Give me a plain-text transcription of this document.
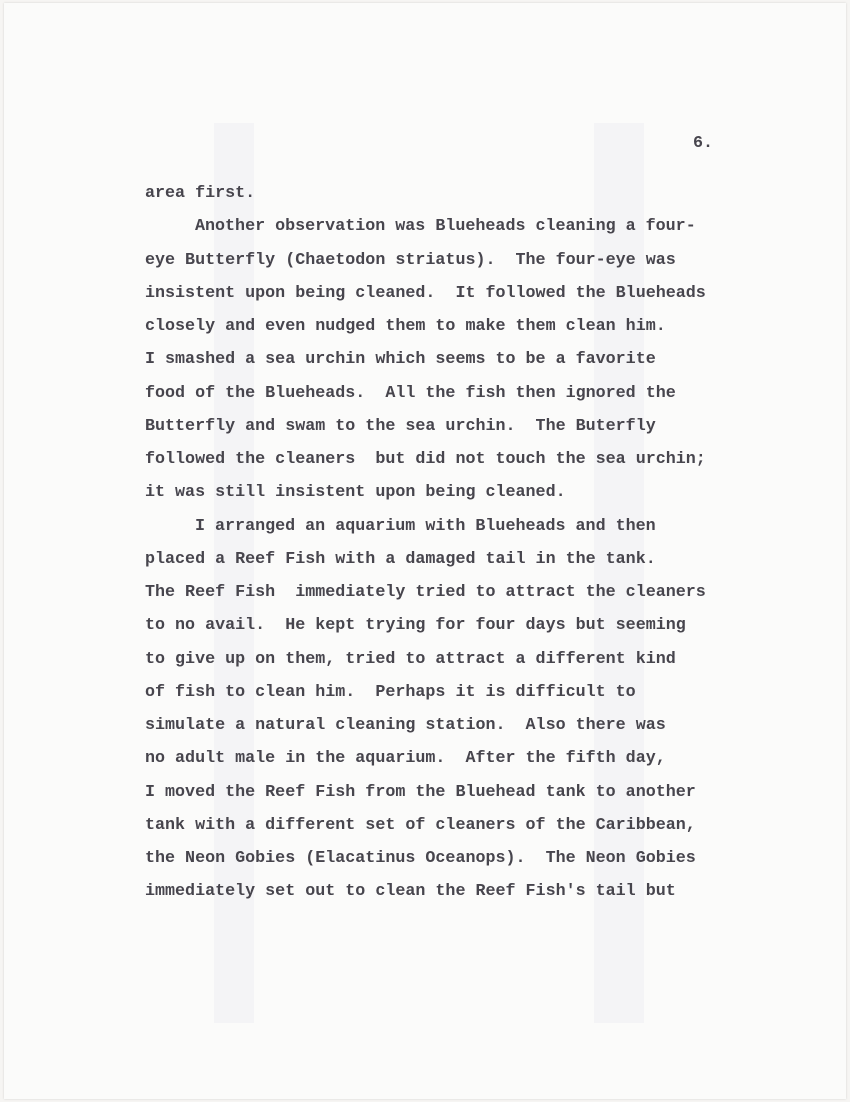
6.
area first.
Another observation was Blueheads cleaning a four-
eye Butterfly (Chaetodon striatus).  The four-eye was
insistent upon being cleaned.  It followed the Blueheads
closely and even nudged them to make them clean him.
I smashed a sea urchin which seems to be a favorite
food of the Blueheads.  All the fish then ignored the
Butterfly and swam to the sea urchin.  The Buterfly
followed the cleaners  but did not touch the sea urchin;
it was still insistent upon being cleaned.
I arranged an aquarium with Blueheads and then
placed a Reef Fish with a damaged tail in the tank.
The Reef Fish  immediately tried to attract the cleaners
to no avail.  He kept trying for four days but seeming
to give up on them, tried to attract a different kind
of fish to clean him.  Perhaps it is difficult to
simulate a natural cleaning station.  Also there was
no adult male in the aquarium.  After the fifth day,
I moved the Reef Fish from the Bluehead tank to another
tank with a different set of cleaners of the Caribbean,
the Neon Gobies (Elacatinus Oceanops).  The Neon Gobies
immediately set out to clean the Reef Fish's tail but
